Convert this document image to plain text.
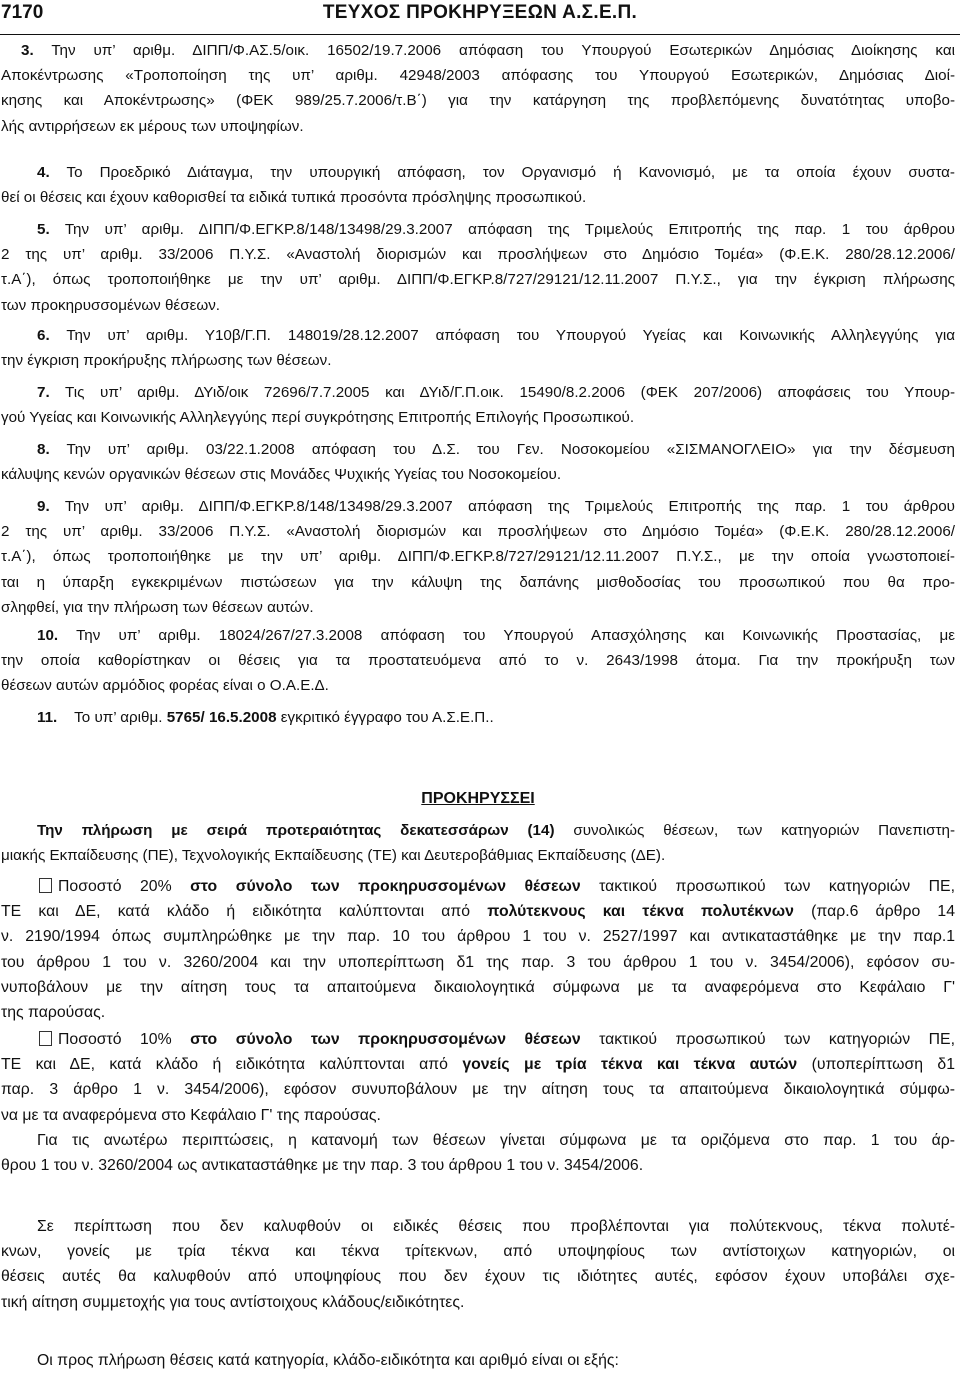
7170	ΤΕΥΧΟΣ ΠΡΟΚΗΡΥΞΕΩΝ Α.Σ.Ε.Π.
3. Την υπ’ αριθμ. ΔΙΠΠ/Φ.ΑΣ.5/οικ. 16502/19.7.2006 απόφαση του Υπουργού Εσωτερικών Δημόσιας Διοίκησης και
Αποκέντρωσης «Τροποποίηση της υπ’ αριθμ. 42948/2003 απόφασης του Υπουργού Εσωτερικών, Δημόσιας Διοί-
κησης και Αποκέντρωσης» (ΦΕΚ 989/25.7.2006/τ.Β΄) για την κατάργηση της προβλεπόμενης δυνατότητας υποβο-
λής αντιρρήσεων εκ μέρους των υποψηφίων.
4. Το Προεδρικό Διάταγμα, την υπουργική απόφαση, τον Οργανισμό ή Κανονισμό, με τα οποία έχουν συστα-
θεί οι θέσεις και έχουν καθορισθεί τα ειδικά τυπικά προσόντα πρόσληψης προσωπικού.
5. Την υπ’ αριθμ. ΔΙΠΠ/Φ.ΕΓΚΡ.8/148/13498/29.3.2007 απόφαση της Τριμελούς Επιτροπής της παρ. 1 του άρθρου
2 της υπ’ αριθμ. 33/2006 Π.Υ.Σ. «Αναστολή διορισμών και προσλήψεων στο Δημόσιο Τομέα» (Φ.Ε.Κ. 280/28.12.2006/
τ.Α΄), όπως τροποποιήθηκε με την υπ’ αριθμ. ΔΙΠΠ/Φ.ΕΓΚΡ.8/727/29121/12.11.2007 Π.Υ.Σ., για την έγκριση πλήρωσης
των προκηρυσσομένων θέσεων.
6. Την υπ’ αριθμ. Υ10β/Γ.Π. 148019/28.12.2007 απόφαση του Υπουργού Υγείας και Κοινωνικής Αλληλεγγύης για
την έγκριση προκήρυξης πλήρωσης των θέσεων.
7. Τις υπ’ αριθμ. ΔΥιδ/οικ 72696/7.7.2005 και ΔΥιδ/Γ.Π.οικ. 15490/8.2.2006 (ΦΕΚ 207/2006) αποφάσεις του Υπουρ-
γού Υγείας και Κοινωνικής Αλληλεγγύης περί συγκρότησης Επιτροπής Επιλογής Προσωπικού.
8. Την υπ’ αριθμ. 03/22.1.2008 απόφαση του Δ.Σ. του Γεν. Νοσοκομείου «ΣΙΣΜΑΝΟΓΛΕΙΟ» για την δέσμευση
κάλυψης κενών οργανικών θέσεων στις Μονάδες Ψυχικής Υγείας του Νοσοκομείου.
9. Την υπ’ αριθμ. ΔΙΠΠ/Φ.ΕΓΚΡ.8/148/13498/29.3.2007 απόφαση της Τριμελούς Επιτροπής της παρ. 1 του άρθρου
2 της υπ’ αριθμ. 33/2006 Π.Υ.Σ. «Αναστολή διορισμών και προσλήψεων στο Δημόσιο Τομέα» (Φ.Ε.Κ. 280/28.12.2006/
τ.Α΄), όπως τροποποιήθηκε με την υπ’ αριθμ. ΔΙΠΠ/Φ.ΕΓΚΡ.8/727/29121/12.11.2007 Π.Υ.Σ., με την οποία γνωστοποιεί-
ται η ύπαρξη εγκεκριμένων πιστώσεων για την κάλυψη της δαπάνης μισθοδοσίας του προσωπικού που θα προ-
σληφθεί, για την πλήρωση των θέσεων αυτών.
10. Την υπ’ αριθμ. 18024/267/27.3.2008 απόφαση του Υπουργού Απασχόλησης και Κοινωνικής Προστασίας, με
την οποία καθορίστηκαν οι θέσεις για τα προστατευόμενα από το ν. 2643/1998 άτομα. Για την προκήρυξη των
θέσεων αυτών αρμόδιος φορέας είναι ο Ο.Α.Ε.Δ.
11. Το υπ’ αριθμ. 5765/ 16.5.2008 εγκριτικό έγγραφο του Α.Σ.Ε.Π..
ΠΡΟΚΗΡΥΣΣΕΙ
Την πλήρωση με σειρά προτεραιότητας δεκατεσσάρων (14) συνολικώς θέσεων, των κατηγοριών Πανεπιστη-
μιακής Εκπαίδευσης (ΠΕ), Τεχνολογικής Εκπαίδευσης (ΤΕ) και Δευτεροβάθμιας Εκπαίδευσης (ΔΕ).
Ποσοστό 20% στο σύνολο των προκηρυσσομένων θέσεων τακτικού προσωπικού των κατηγοριών ΠΕ,
ΤΕ και ΔΕ, κατά κλάδο ή ειδικότητα καλύπτονται από πολύτεκνους και τέκνα πολυτέκνων (παρ.6 άρθρο 14
ν. 2190/1994 όπως συμπληρώθηκε με την παρ. 10 του άρθρου 1 του ν. 2527/1997 και αντικαταστάθηκε με την παρ.1
του άρθρου 1 του ν. 3260/2004 και την υποπερίπτωση δ1 της παρ. 3 του άρθρου 1 του ν. 3454/2006), εφόσον συ-
νυποβάλουν με την αίτηση τους τα απαιτούμενα δικαιολογητικά σύμφωνα με τα αναφερόμενα στο Κεφάλαιο Γ'
της παρούσας.
Ποσοστό 10% στο σύνολο των προκηρυσσομένων θέσεων τακτικού προσωπικού των κατηγοριών ΠΕ,
ΤΕ και ΔΕ, κατά κλάδο ή ειδικότητα καλύπτονται από γονείς με τρία τέκνα και τέκνα αυτών (υποπερίπτωση δ1
παρ. 3 άρθρο 1 ν. 3454/2006), εφόσον συνυποβάλουν με την αίτηση τους τα απαιτούμενα δικαιολογητικά σύμφω-
να με τα αναφερόμενα στο Κεφάλαιο Γ' της παρούσας.
Για τις ανωτέρω περιπτώσεις, η κατανομή των θέσεων γίνεται σύμφωνα με τα οριζόμενα στο παρ. 1 του άρ-
θρου 1 του ν. 3260/2004 ως αντικαταστάθηκε με την παρ. 3 του άρθρου 1 του ν. 3454/2006.
Σε περίπτωση που δεν καλυφθούν οι ειδικές θέσεις που προβλέπονται για πολύτεκνους, τέκνα πολυτέ-
κνων, γονείς με τρία τέκνα και τέκνα τρίτεκνων, από υποψηφίους των αντίστοιχων κατηγοριών, οι
θέσεις αυτές θα καλυφθούν από υποψηφίους που δεν έχουν τις ιδιότητες αυτές, εφόσον έχουν υποβάλει σχε-
τική αίτηση συμμετοχής για τους αντίστοιχους κλάδους/ειδικότητες.
Οι προς πλήρωση θέσεις κατά κατηγορία, κλάδο-ειδικότητα και αριθμό είναι οι εξής:
